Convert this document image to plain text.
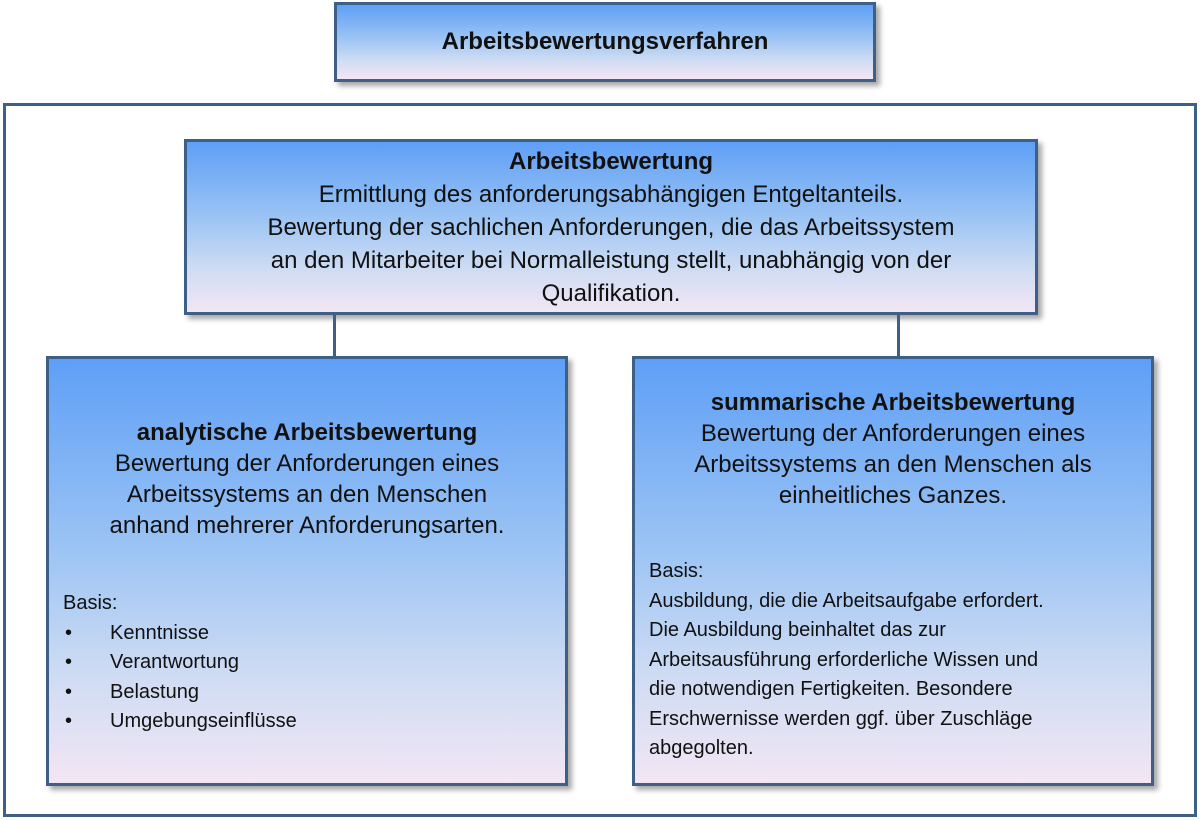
Arbeitsbewertungsverfahren
Arbeitsbewertung
Ermittlung des anforderungsabhängigen Entgeltanteils.
Bewertung der sachlichen Anforderungen, die das Arbeitssystem
an den Mitarbeiter bei Normalleistung stellt, unabhängig von der
Qualifikation.
analytische Arbeitsbewertung
Bewertung der Anforderungen eines
Arbeitssystems an den Menschen
anhand mehrerer Anforderungsarten.
Basis:
• Kenntnisse
• Verantwortung
• Belastung
• Umgebungseinflüsse
summarische Arbeitsbewertung
Bewertung der Anforderungen eines
Arbeitssystems an den Menschen als
einheitliches Ganzes.
Basis:
Ausbildung, die die Arbeitsaufgabe erfordert.
Die Ausbildung beinhaltet das zur
Arbeitsausführung erforderliche Wissen und
die notwendigen Fertigkeiten. Besondere
Erschwernisse werden ggf. über Zuschläge
abgegolten.
